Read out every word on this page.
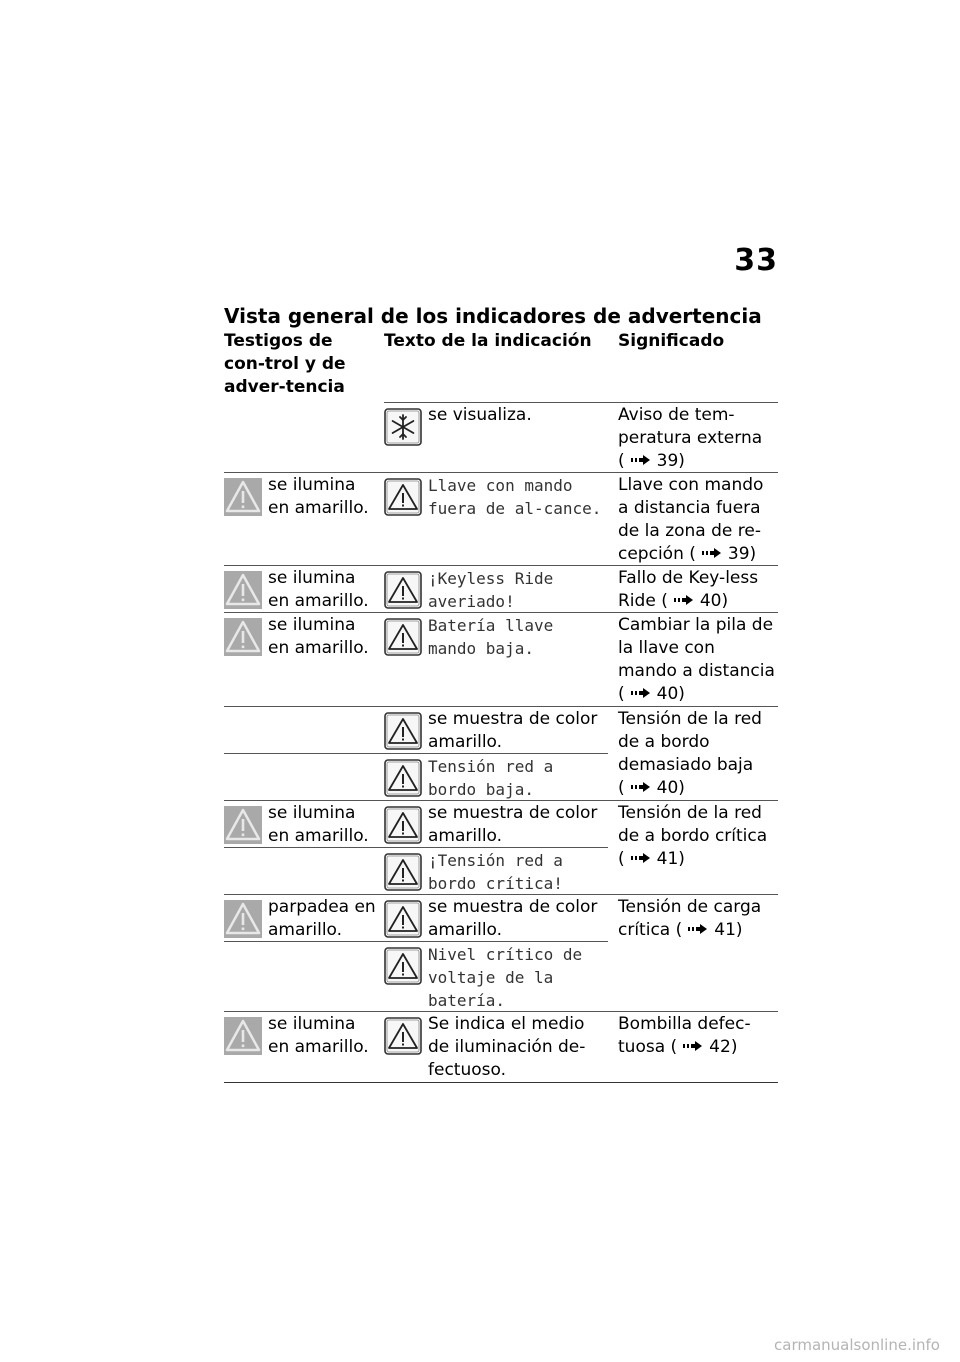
33
Vista general de los indicadores de advertencia
Testigos de con-trol y de adver-tencia
Texto de la indicación	Significado
se visualiza.	Aviso de tem-peratura externa
( 39)
se ilumina en amarillo.
Llave con mando fuera de al-cance.
Llave con mando a distancia fuera de la zona de re-cepción ( 39)
se ilumina en amarillo.
¡Keyless Ride averiado!
Fallo de Key-less Ride ( 40)
se ilumina en amarillo.
Batería llave mando baja.
Cambiar la pila de la llave con mando a distancia
( 40)
se muestra de color amarillo.
Tensión red a bordo baja.
Tensión de la red de a bordo demasiado baja
( 40)
se ilumina en amarillo.
se muestra de color amarillo.
¡Tensión red a bordo crítica!
Tensión de la red de a bordo crítica
( 41)
parpadea en amarillo.
se muestra de color amarillo.
Nivel crítico de voltaje de la batería.
Tensión de carga crítica ( 41)
se ilumina en amarillo.
Se indica el medio de iluminación de-fectuoso.
Bombilla defec-tuosa ( 42)
carmanualsonline.info
